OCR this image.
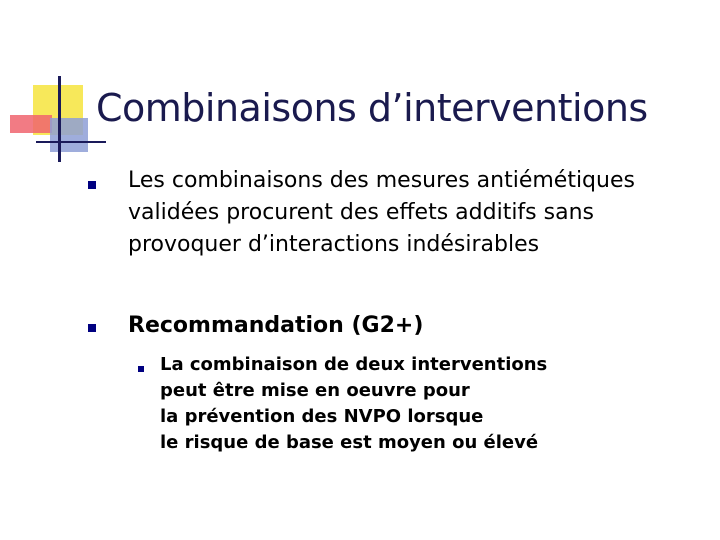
Combinaisons d’interventions
Les combinaisons des mesures antiémétiques
validées procurent des effets additifs sans
provoquer d’interactions indésirables
Recommandation (G2+)
La combinaison de deux interventions
peut être mise en oeuvre pour
la prévention des NVPO lorsque
le risque de base est moyen ou élevé
